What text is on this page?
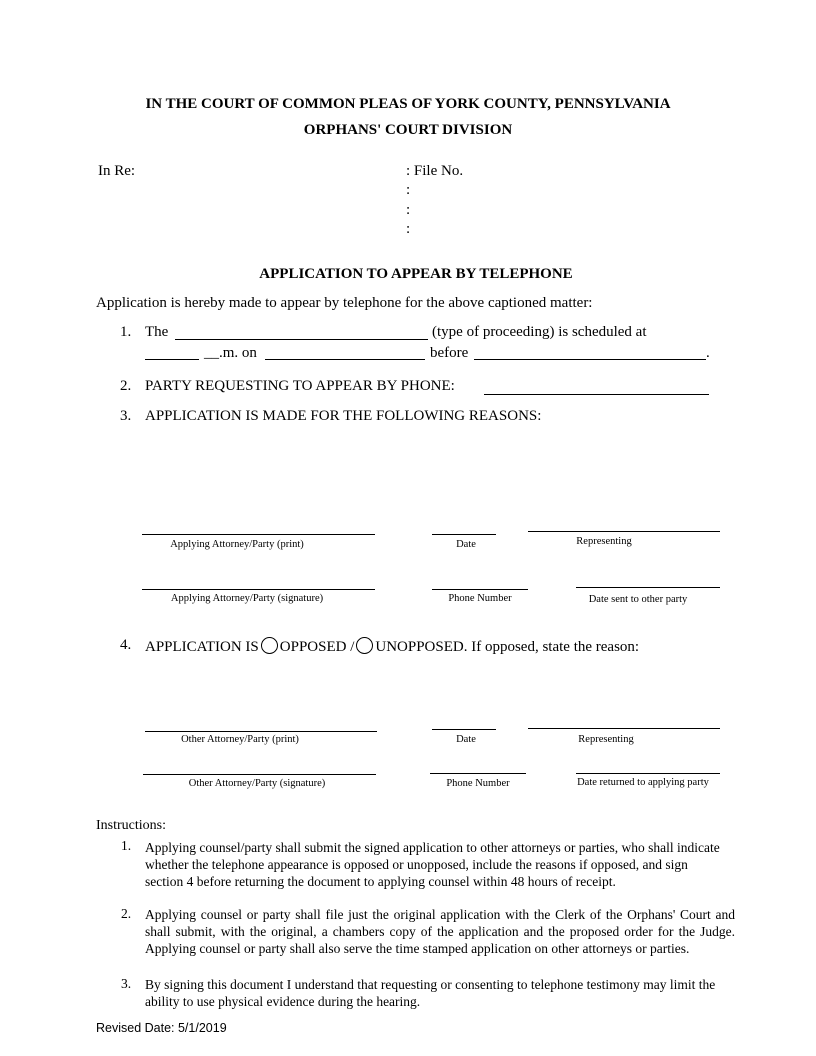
IN THE COURT OF COMMON PLEAS OF YORK COUNTY, PENNSYLVANIA
ORPHANS' COURT DIVISION
In Re:	: File No.
:
:
:
APPLICATION TO APPEAR BY TELEPHONE
Application is hereby made to appear by telephone for the above captioned matter:
1. The	(type of proceeding) is scheduled at
__.m. on	before	.
2. PARTY REQUESTING TO APPEAR BY PHONE:
3. APPLICATION IS MADE FOR THE FOLLOWING REASONS:
Applying Attorney/Party (print)	Date	Representing
Applying Attorney/Party (signature)	Phone Number	Date sent to other party
4. APPLICATION IS OPPOSED / UNOPPOSED. If opposed, state the reason:
Other Attorney/Party (print)	Date	Representing
Other Attorney/Party (signature)	Phone Number	Date returned to applying party
Instructions:
1. Applying counsel/party shall submit the signed application to other attorneys or parties, who shall indicate whether the telephone appearance is opposed or unopposed, include the reasons if opposed, and sign section 4 before returning the document to applying counsel within 48 hours of receipt.
2. Applying counsel or party shall file just the original application with the Clerk of the Orphans' Court and shall submit, with the original, a chambers copy of the application and the proposed order for the Judge. Applying counsel or party shall also serve the time stamped application on other attorneys or parties.
3. By signing this document I understand that requesting or consenting to telephone testimony may limit the ability to use physical evidence during the hearing.
Revised Date: 5/1/2019
